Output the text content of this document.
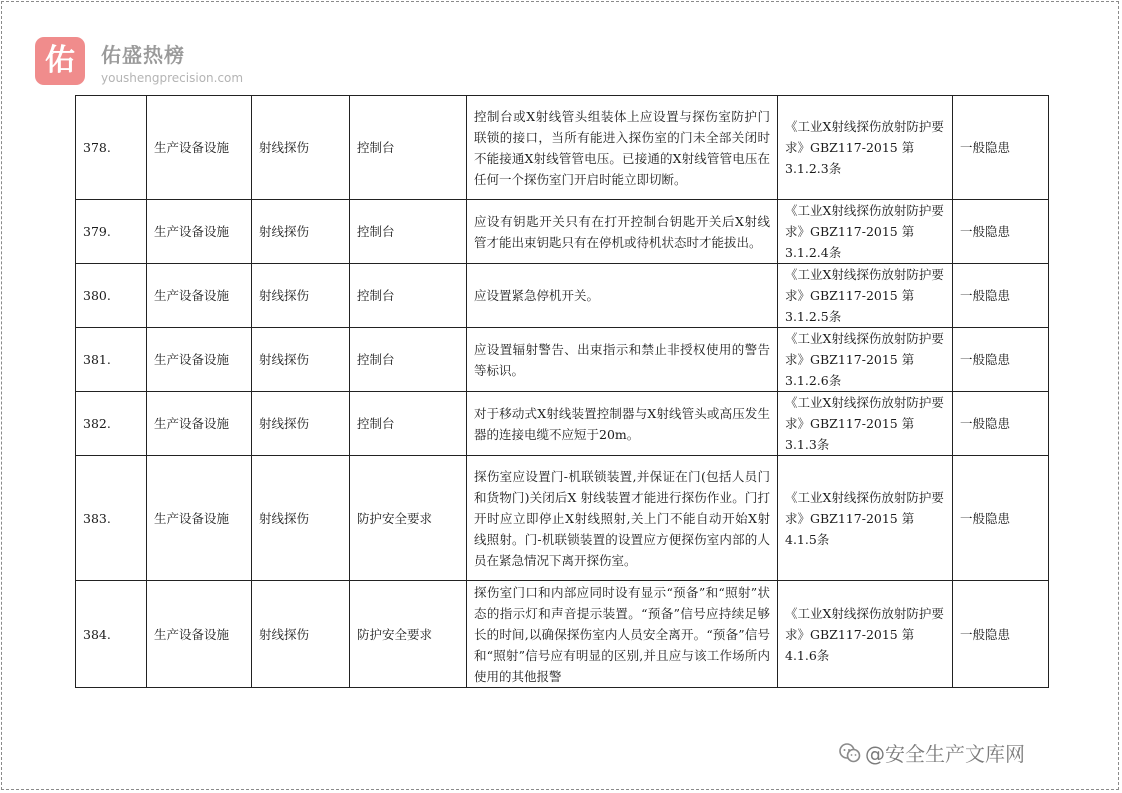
佑	佑盛热榜
youshengprecision.com
378.	生产设备设施	射线探伤	控制台	控制台或X射线管头组装体上应设置与探伤室防护门联锁的接口，当所有能进入探伤室的门未全部关闭时不能接通X射线管管电压。已接通的X射线管管电压在任何一个探伤室门开启时能立即切断。	《工业X射线探伤放射防护要求》GBZ117-2015 第3.1.2.3条	一般隐患
379.	生产设备设施	射线探伤	控制台	应设有钥匙开关只有在打开控制台钥匙开关后X射线管才能出束钥匙只有在停机或待机状态时才能拔出。	《工业X射线探伤放射防护要求》GBZ117-2015 第3.1.2.4条	一般隐患
380.	生产设备设施	射线探伤	控制台	应设置紧急停机开关。	《工业X射线探伤放射防护要求》GBZ117-2015 第3.1.2.5条	一般隐患
381.	生产设备设施	射线探伤	控制台	应设置辐射警告、出束指示和禁止非授权使用的警告等标识。	《工业X射线探伤放射防护要求》GBZ117-2015 第3.1.2.6条	一般隐患
382.	生产设备设施	射线探伤	控制台	对于移动式X射线装置控制器与X射线管头或高压发生器的连接电缆不应短于20m。	《工业X射线探伤放射防护要求》GBZ117-2015 第3.1.3条	一般隐患
383.	生产设备设施	射线探伤	防护安全要求	探伤室应设置门-机联锁装置,并保证在门(包括人员门和货物门)关闭后X 射线装置才能进行探伤作业。门打开时应立即停止X射线照射,关上门不能自动开始X射线照射。门-机联锁装置的设置应方便探伤室内部的人员在紧急情况下离开探伤室。	《工业X射线探伤放射防护要求》GBZ117-2015 第4.1.5条	一般隐患
384.	生产设备设施	射线探伤	防护安全要求	探伤室门口和内部应同时设有显示“预备”和“照射”状态的指示灯和声音提示装置。“预备”信号应持续足够长的时间,以确保探伤室内人员安全离开。“预备”信号和“照射”信号应有明显的区别,并且应与该工作场所内使用的其他报警	《工业X射线探伤放射防护要求》GBZ117-2015 第4.1.6条	一般隐患
@安全生产文库网
